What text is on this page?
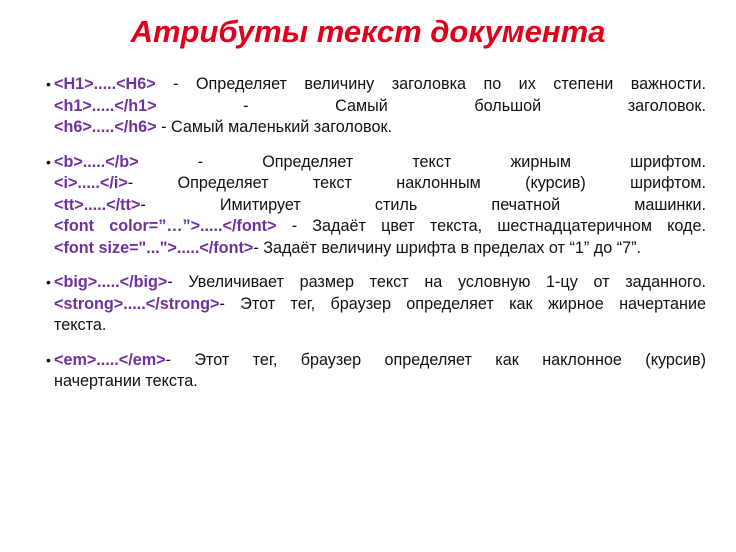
Атрибуты текст документа
• <H1>.....<H6> - Определяет величину заголовка по их степени важности.
<h1>.....</h1> - Самый большой заголовок.
<h6>.....</h6> - Самый маленький заголовок.
• <b>.....</b> - Определяет текст жирным шрифтом.
<i>.....</i>- Определяет текст наклонным (курсив) шрифтом.
<tt>.....</tt>- Имитирует стиль печатной машинки.
<font color=”…”>.....</font> - Задаёт цвет текста, шестнадцатеричном коде.
<font size="...">.....</font>- Задаёт величину шрифта в пределах от “1” до “7”.
• <big>.....</big>- Увеличивает размер текст на условную 1-цу от заданного.
<strong>.....</strong>- Этот тег, браузер определяет как жирное начертание
текста.
• <em>.....</em>- Этот тег, браузер определяет как наклонное (курсив)
начертании текста.
